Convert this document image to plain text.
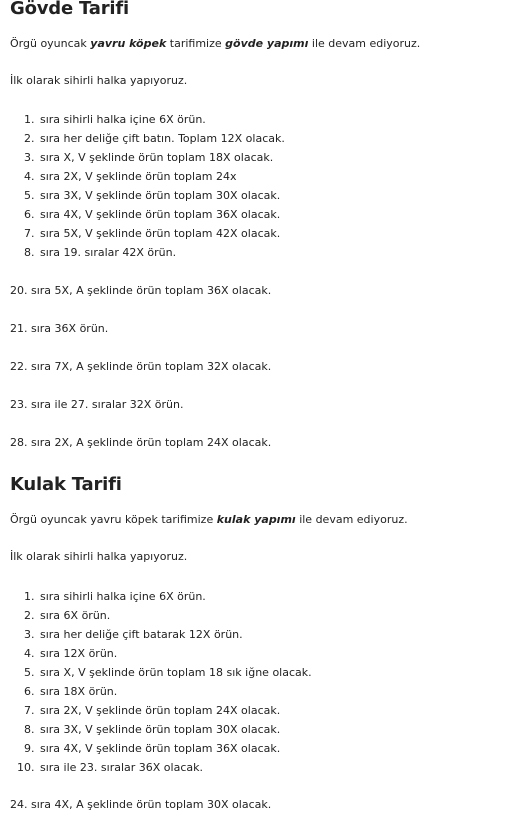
Gövde Tarifi

Örgü oyuncak yavru köpek tarifimize gövde yapımı ile devam ediyoruz.

İlk olarak sihirli halka yapıyoruz.

1. sıra sihirli halka içine 6X örün.
2. sıra her deliğe çift batın. Toplam 12X olacak.
3. sıra X, V şeklinde örün toplam 18X olacak.
4. sıra 2X, V şeklinde örün toplam 24x
5. sıra 3X, V şeklinde örün toplam 30X olacak.
6. sıra 4X, V şeklinde örün toplam 36X olacak.
7. sıra 5X, V şeklinde örün toplam 42X olacak.
8. sıra 19. sıralar 42X örün.

20. sıra 5X, A şeklinde örün toplam 36X olacak.

21. sıra 36X örün.

22. sıra 7X, A şeklinde örün toplam 32X olacak.

23. sıra ile 27. sıralar 32X örün.

28. sıra 2X, A şeklinde örün toplam 24X olacak.

Kulak Tarifi

Örgü oyuncak yavru köpek tarifimize kulak yapımı ile devam ediyoruz.

İlk olarak sihirli halka yapıyoruz.

1. sıra sihirli halka içine 6X örün.
2. sıra 6X örün.
3. sıra her deliğe çift batarak 12X örün.
4. sıra 12X örün.
5. sıra X, V şeklinde örün toplam 18 sık iğne olacak.
6. sıra 18X örün.
7. sıra 2X, V şeklinde örün toplam 24X olacak.
8. sıra 3X, V şeklinde örün toplam 30X olacak.
9. sıra 4X, V şeklinde örün toplam 36X olacak.
10. sıra ile 23. sıralar 36X olacak.

24. sıra 4X, A şeklinde örün toplam 30X olacak.
